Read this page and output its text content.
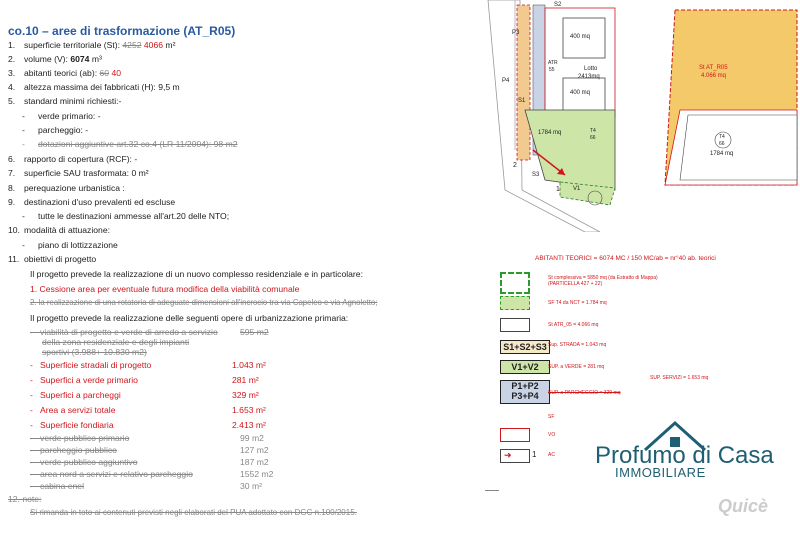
co.10 – aree di trasformazione (AT_R05)
1. superficie territoriale (St): 4252 4066 m²
2. volume (V): 6074 m³
3. abitanti teorici (ab): 60 40
4. altezza massima dei fabbricati (H): 9,5 m
5. standard minimi richiesti:-
- verde primario: -
- parcheggio: -
- dotazioni aggiuntive art.32 co.4 (LR 11/2004): 98 m2
6. rapporto di copertura (RCF): -
7. superficie SAU trasformata: 0 m²
8. perequazione urbanistica :
9. destinazioni d'uso prevalenti ed escluse
- tutte le destinazioni ammesse all'art.20 delle NTO;
10. modalità di attuazione:
- piano di lottizzazione
11. obiettivi di progetto
Il progetto prevede la realizzazione di un nuovo complesso residenziale e in particolare:
1. Cessione area per eventuale futura modifica della viabilità comunale
2. la realizzazione di una rotatoria di adeguate dimensioni all'incrocio tra via Capeleo e via Agnoletto;
Il progetto prevede la realizzazione delle seguenti opere di urbanizzazione primaria:
-   viabilità di progetto e verde di arredo a servizio
della zona residenziale e degli impianti
sportivi (3.988+ 10.830 m2)
595 m2
-   Superficie stradali di progetto	1.043 m²
-   Superfici a verde primario	281 m²
-   Superfici a parcheggi	329 m²
-   Area a servizi totale	1.653 m²
-   Superficie fondiaria	2.413 m²
-   verde pubblico primario	99 m2
-   parcheggio pubblico	127 m2
-   verde pubblico aggiuntivo	187 m2
-   area nord a servizi e relativo parcheggio	1552 m2
-   cabina enel	30 m²
12. note:
Si rimanda in toto ai contenuti previsti negli elaborati del PUA adottato con DGC n.100/2015.
Lotto
2413mq
400 mq
400 mq
ATR
55
T4
66
1784 mq
St AT_R05
4.066 mq
T4
66
1784 mq
P3
P4
S1
S2
S3
V1
2
1
ABITANTI TEORICI = 6074 MC / 150 MC/ab = nr°40 ab. teorici
St complessiva = 5850 mq (da Estratto di Mappa)
(PARTICELLA 427 + 22)
SF T4 da NCT = 1.784 mq
St ATR_05 = 4.066 mq
S1+S2+S3 Sup. STRADA = 1.043 mq
V1+V2	SUP. a VERDE = 281 mq
P1+P2
P3+P4	SUP. a PARCHEGGIO = 329 mq
SUP. SERVIZI = 1.653 mq
SF
VO
➜	1 AC Profumo di Casa
IMMOBILIARE
Quicè
